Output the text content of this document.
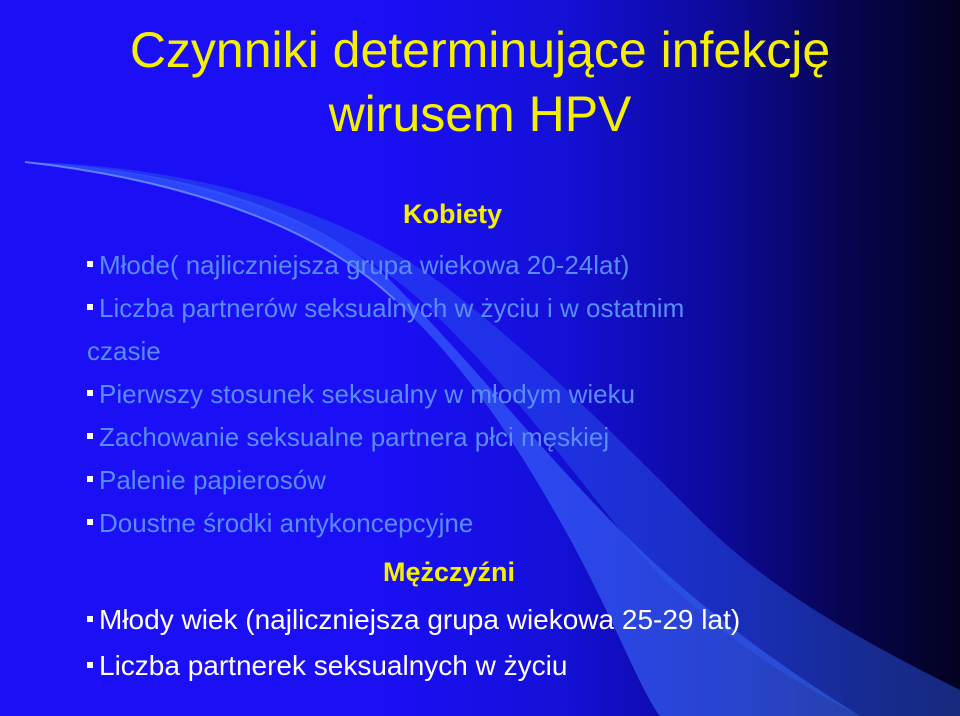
Czynniki determinujące infekcję
wirusem HPV
Kobiety
Młode( najliczniejsza grupa wiekowa 20-24lat)
Liczba partnerów seksualnych w życiu i w ostatnim
czasie
Pierwszy stosunek seksualny w młodym wieku
Zachowanie seksualne partnera płci męskiej
Palenie papierosów
Doustne środki antykoncepcyjne
Mężczyźni
Młody wiek (najliczniejsza grupa wiekowa 25-29 lat)
Liczba partnerek seksualnych w życiu
